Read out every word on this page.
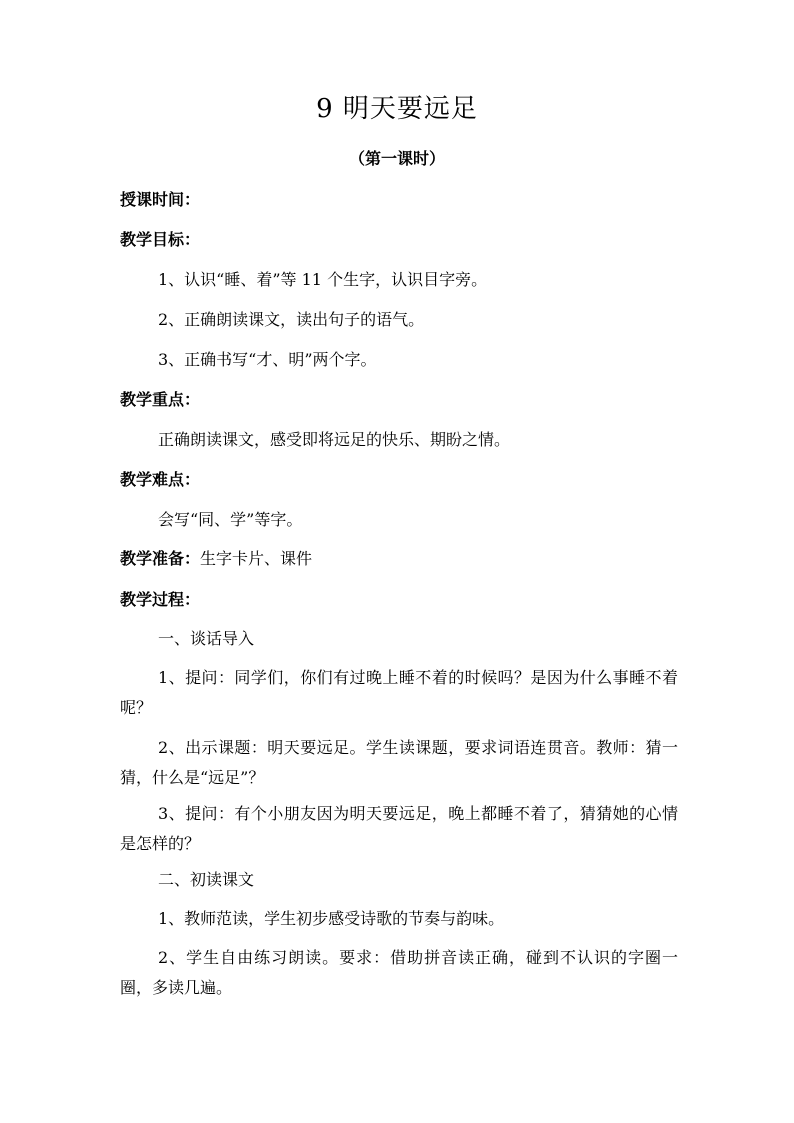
9 明天要远足
（第一课时）
授课时间：
教学目标：
1、认识“睡、着”等 11 个生字，认识目字旁。
2、正确朗读课文，读出句子的语气。
3、正确书写“才、明”两个字。
教学重点：
正确朗读课文，感受即将远足的快乐、期盼之情。
教学难点：
会写“同、学”等字。
教学准备：生字卡片、课件
教学过程：
一、谈话导入
1、提问：同学们，你们有过晚上睡不着的时候吗？是因为什么事睡不着呢？
2、出示课题：明天要远足。学生读课题，要求词语连贯音。教师：猜一猜，什么是“远足”？
3、提问：有个小朋友因为明天要远足，晚上都睡不着了，猜猜她的心情是怎样的？
二、初读课文
1、教师范读，学生初步感受诗歌的节奏与韵味。
2、学生自由练习朗读。要求：借助拼音读正确，碰到不认识的字圈一圈，多读几遍。
